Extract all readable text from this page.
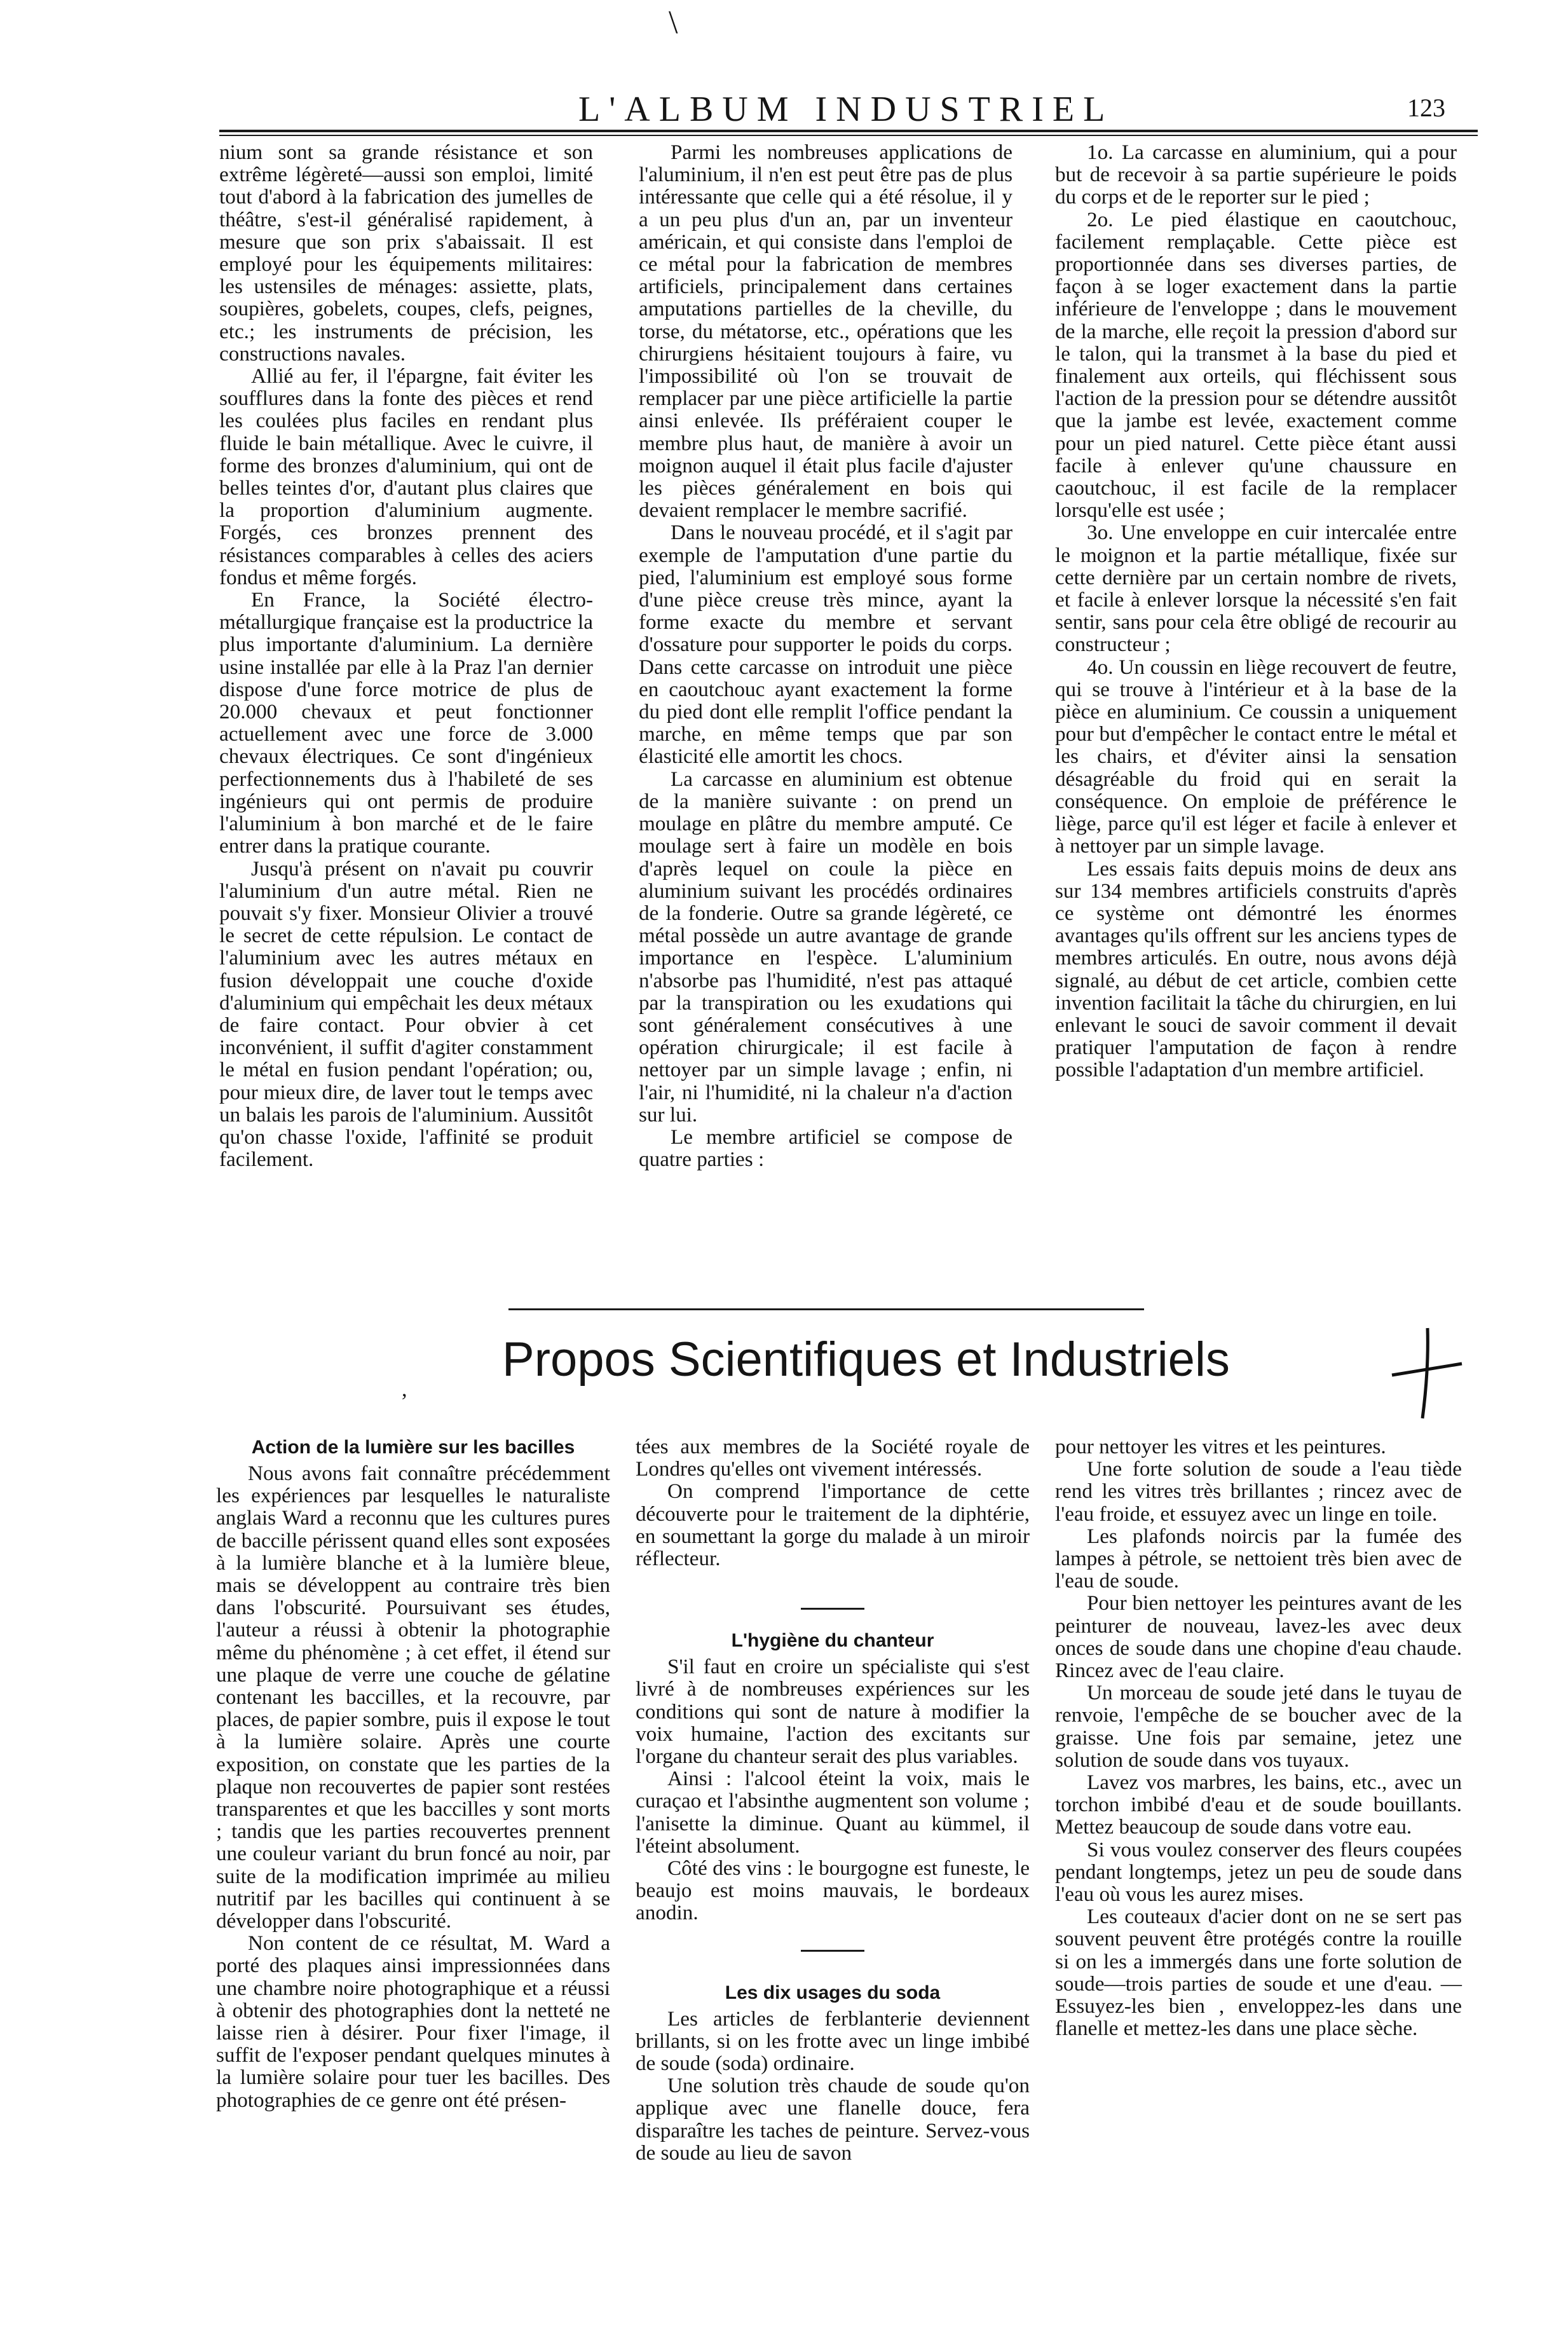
\
L'ALBUM INDUSTRIEL	123

nium sont sa grande résistance et son extrême légèreté—aussi son emploi, limité tout d'abord à la fabrication des jumelles de théâtre, s'est-il généralisé rapidement, à mesure que son prix s'abaissait. Il est employé pour les équipements militaires: les ustensiles de ménages: assiette, plats, soupières, gobelets, coupes, clefs, peignes, etc.; les instruments de précision, les constructions navales.

Allié au fer, il l'épargne, fait éviter les soufflures dans la fonte des pièces et rend les coulées plus faciles en rendant plus fluide le bain métallique. Avec le cuivre, il forme des bronzes d'aluminium, qui ont de belles teintes d'or, d'autant plus claires que la proportion d'aluminium augmente. Forgés, ces bronzes prennent des résistances comparables à celles des aciers fondus et même forgés.

En France, la Société électro-métallurgique française est la productrice la plus importante d'aluminium. La dernière usine installée par elle à la Praz l'an dernier dispose d'une force motrice de plus de 20.000 chevaux et peut fonctionner actuellement avec une force de 3.000 chevaux électriques. Ce sont d'ingénieux perfectionnements dus à l'habileté de ses ingénieurs qui ont permis de produire l'aluminium à bon marché et de le faire entrer dans la pratique courante.

Jusqu'à présent on n'avait pu couvrir l'aluminium d'un autre métal. Rien ne pouvait s'y fixer. Monsieur Olivier a trouvé le secret de cette répulsion. Le contact de l'aluminium avec les autres métaux en fusion développait une couche d'oxide d'aluminium qui empêchait les deux métaux de faire contact. Pour obvier à cet inconvénient, il suffit d'agiter constamment le métal en fusion pendant l'opération; ou, pour mieux dire, de laver tout le temps avec un balais les parois de l'aluminium. Aussitôt qu'on chasse l'oxide, l'affinité se produit facilement.

Parmi les nombreuses applications de l'aluminium, il n'en est peut être pas de plus intéressante que celle qui a été résolue, il y a un peu plus d'un an, par un inventeur américain, et qui consiste dans l'emploi de ce métal pour la fabrication de membres artificiels, principalement dans certaines amputations partielles de la cheville, du torse, du métatorse, etc., opérations que les chirurgiens hésitaient toujours à faire, vu l'impossibilité où l'on se trouvait de remplacer par une pièce artificielle la partie ainsi enlevée. Ils préféraient couper le membre plus haut, de manière à avoir un moignon auquel il était plus facile d'ajuster les pièces généralement en bois qui devaient remplacer le membre sacrifié.

Dans le nouveau procédé, et il s'agit par exemple de l'amputation d'une partie du pied, l'aluminium est employé sous forme d'une pièce creuse très mince, ayant la forme exacte du membre et servant d'ossature pour supporter le poids du corps. Dans cette carcasse on introduit une pièce en caoutchouc ayant exactement la forme du pied dont elle remplit l'office pendant la marche, en même temps que par son élasticité elle amortit les chocs.

La carcasse en aluminium est obtenue de la manière suivante : on prend un moulage en plâtre du membre amputé. Ce moulage sert à faire un modèle en bois d'après lequel on coule la pièce en aluminium suivant les procédés ordinaires de la fonderie. Outre sa grande légèreté, ce métal possède un autre avantage de grande importance en l'espèce. L'aluminium n'absorbe pas l'humidité, n'est pas attaqué par la transpiration ou les exudations qui sont généralement consécutives à une opération chirurgicale; il est facile à nettoyer par un simple lavage ; enfin, ni l'air, ni l'humidité, ni la chaleur n'a d'action sur lui.

Le membre artificiel se compose de quatre parties :

1o. La carcasse en aluminium, qui a pour but de recevoir à sa partie supérieure le poids du corps et de le reporter sur le pied ;

2o. Le pied élastique en caoutchouc, facilement remplaçable. Cette pièce est proportionnée dans ses diverses parties, de façon à se loger exactement dans la partie inférieure de l'enveloppe ; dans le mouvement de la marche, elle reçoit la pression d'abord sur le talon, qui la transmet à la base du pied et finalement aux orteils, qui fléchissent sous l'action de la pression pour se détendre aussitôt que la jambe est levée, exactement comme pour un pied naturel. Cette pièce étant aussi facile à enlever qu'une chaussure en caoutchouc, il est facile de la remplacer lorsqu'elle est usée ;

3o. Une enveloppe en cuir intercalée entre le moignon et la partie métallique, fixée sur cette dernière par un certain nombre de rivets, et facile à enlever lorsque la nécessité s'en fait sentir, sans pour cela être obligé de recourir au constructeur ;

4o. Un coussin en liège recouvert de feutre, qui se trouve à l'intérieur et à la base de la pièce en aluminium. Ce coussin a uniquement pour but d'empêcher le contact entre le métal et les chairs, et d'éviter ainsi la sensation désagréable du froid qui en serait la conséquence. On emploie de préférence le liège, parce qu'il est léger et facile à enlever et à nettoyer par un simple lavage.

Les essais faits depuis moins de deux ans sur 134 membres artificiels construits d'après ce système ont démontré les énormes avantages qu'ils offrent sur les anciens types de membres articulés. En outre, nous avons déjà signalé, au début de cet article, combien cette invention facilitait la tâche du chirurgien, en lui enlevant le souci de savoir comment il devait pratiquer l'amputation de façon à rendre possible l'adaptation d'un membre artificiel.

Propos Scientifiques et Industriels
,
Action de la lumière sur les bacilles

Nous avons fait connaître précédemment les expériences par lesquelles le naturaliste anglais Ward a reconnu que les cultures pures de baccille périssent quand elles sont exposées à la lumière blanche et à la lumière bleue, mais se développent au contraire très bien dans l'obscurité. Poursuivant ses études, l'auteur a réussi à obtenir la photographie même du phénomène ; à cet effet, il étend sur une plaque de verre une couche de gélatine contenant les baccilles, et la recouvre, par places, de papier sombre, puis il expose le tout à la lumière solaire. Après une courte exposition, on constate que les parties de la plaque non recouvertes de papier sont restées transparentes et que les baccilles y sont morts ; tandis que les parties recouvertes prennent une couleur variant du brun foncé au noir, par suite de la modification imprimée au milieu nutritif par les bacilles qui continuent à se développer dans l'obscurité.

Non content de ce résultat, M. Ward a porté des plaques ainsi impressionnées dans une chambre noire photographique et a réussi à obtenir des photographies dont la netteté ne laisse rien à désirer. Pour fixer l'image, il suffit de l'exposer pendant quelques minutes à la lumière solaire pour tuer les bacilles. Des photographies de ce genre ont été présen-

tées aux membres de la Société royale de Londres qu'elles ont vivement intéressés.

On comprend l'importance de cette découverte pour le traitement de la diphtérie, en soumettant la gorge du malade à un miroir réflecteur.

L'hygiène du chanteur

S'il faut en croire un spécialiste qui s'est livré à de nombreuses expériences sur les conditions qui sont de nature à modifier la voix humaine, l'action des excitants sur l'organe du chanteur serait des plus variables.

Ainsi : l'alcool éteint la voix, mais le curaçao et l'absinthe augmentent son volume ; l'anisette la diminue. Quant au kümmel, il l'éteint absolument.

Côté des vins : le bourgogne est funeste, le beaujo est moins mauvais, le bordeaux anodin.

Les dix usages du soda

Les articles de ferblanterie deviennent brillants, si on les frotte avec un linge imbibé de soude (soda) ordinaire.

Une solution très chaude de soude qu'on applique avec une flanelle douce, fera disparaître les taches de peinture. Servez-vous de soude au lieu de savon

pour nettoyer les vitres et les peintures.

Une forte solution de soude a l'eau tiède rend les vitres très brillantes ; rincez avec de l'eau froide, et essuyez avec un linge en toile.

Les plafonds noircis par la fumée des lampes à pétrole, se nettoient très bien avec de l'eau de soude.

Pour bien nettoyer les peintures avant de les peinturer de nouveau, lavez-les avec deux onces de soude dans une chopine d'eau chaude. Rincez avec de l'eau claire.

Un morceau de soude jeté dans le tuyau de renvoie, l'empêche de se boucher avec de la graisse. Une fois par semaine, jetez une solution de soude dans vos tuyaux.

Lavez vos marbres, les bains, etc., avec un torchon imbibé d'eau et de soude bouillants. Mettez beaucoup de soude dans votre eau.

Si vous voulez conserver des fleurs coupées pendant longtemps, jetez un peu de soude dans l'eau où vous les aurez mises.

Les couteaux d'acier dont on ne se sert pas souvent peuvent être protégés contre la rouille si on les a immergés dans une forte solution de soude—trois parties de soude et une d'eau. — Essuyez-les bien , enveloppez-les dans une flanelle et mettez-les dans une place sèche.
